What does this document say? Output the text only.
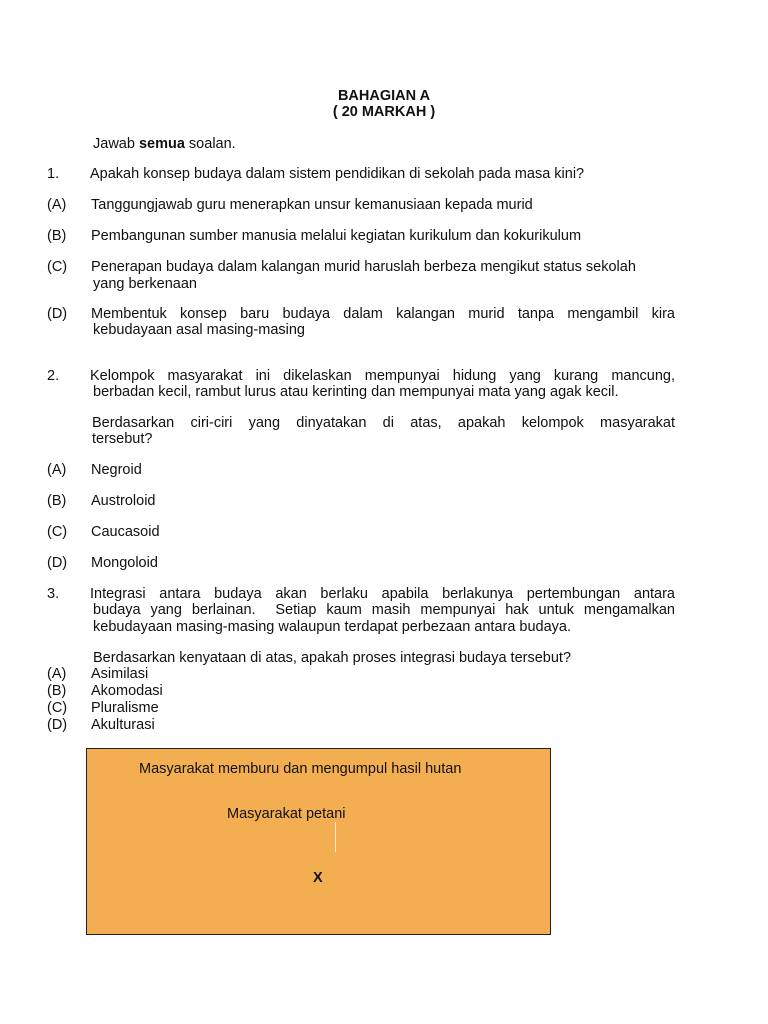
BAHAGIAN A
( 20 MARKAH )
Jawab semua soalan.
1. Apakah konsep budaya dalam sistem pendidikan di sekolah pada masa kini?
(A) Tanggungjawab guru menerapkan unsur kemanusiaan kepada murid
(B) Pembangunan sumber manusia melalui kegiatan kurikulum dan kokurikulum
(C) Penerapan budaya dalam kalangan murid haruslah berbeza mengikut status sekolah
yang berkenaan
(D) Membentuk konsep baru budaya dalam kalangan murid tanpa mengambil kira
kebudayaan asal masing-masing
2. Kelompok masyarakat ini dikelaskan mempunyai hidung yang kurang mancung,
berbadan kecil, rambut lurus atau kerinting dan mempunyai mata yang agak kecil.
Berdasarkan ciri-ciri yang dinyatakan di atas, apakah kelompok masyarakat
tersebut?
(A) Negroid
(B) Austroloid
(C) Caucasoid
(D) Mongoloid
3. Integrasi antara budaya akan berlaku apabila berlakunya pertembungan antara
budaya yang berlainan.  Setiap kaum masih mempunyai hak untuk mengamalkan
kebudayaan masing-masing walaupun terdapat perbezaan antara budaya.
Berdasarkan kenyataan di atas, apakah proses integrasi budaya tersebut?
(A) Asimilasi
(B) Akomodasi
(C) Pluralisme
(D) Akulturasi
Masyarakat memburu dan mengumpul hasil hutan
Masyarakat petani
X
